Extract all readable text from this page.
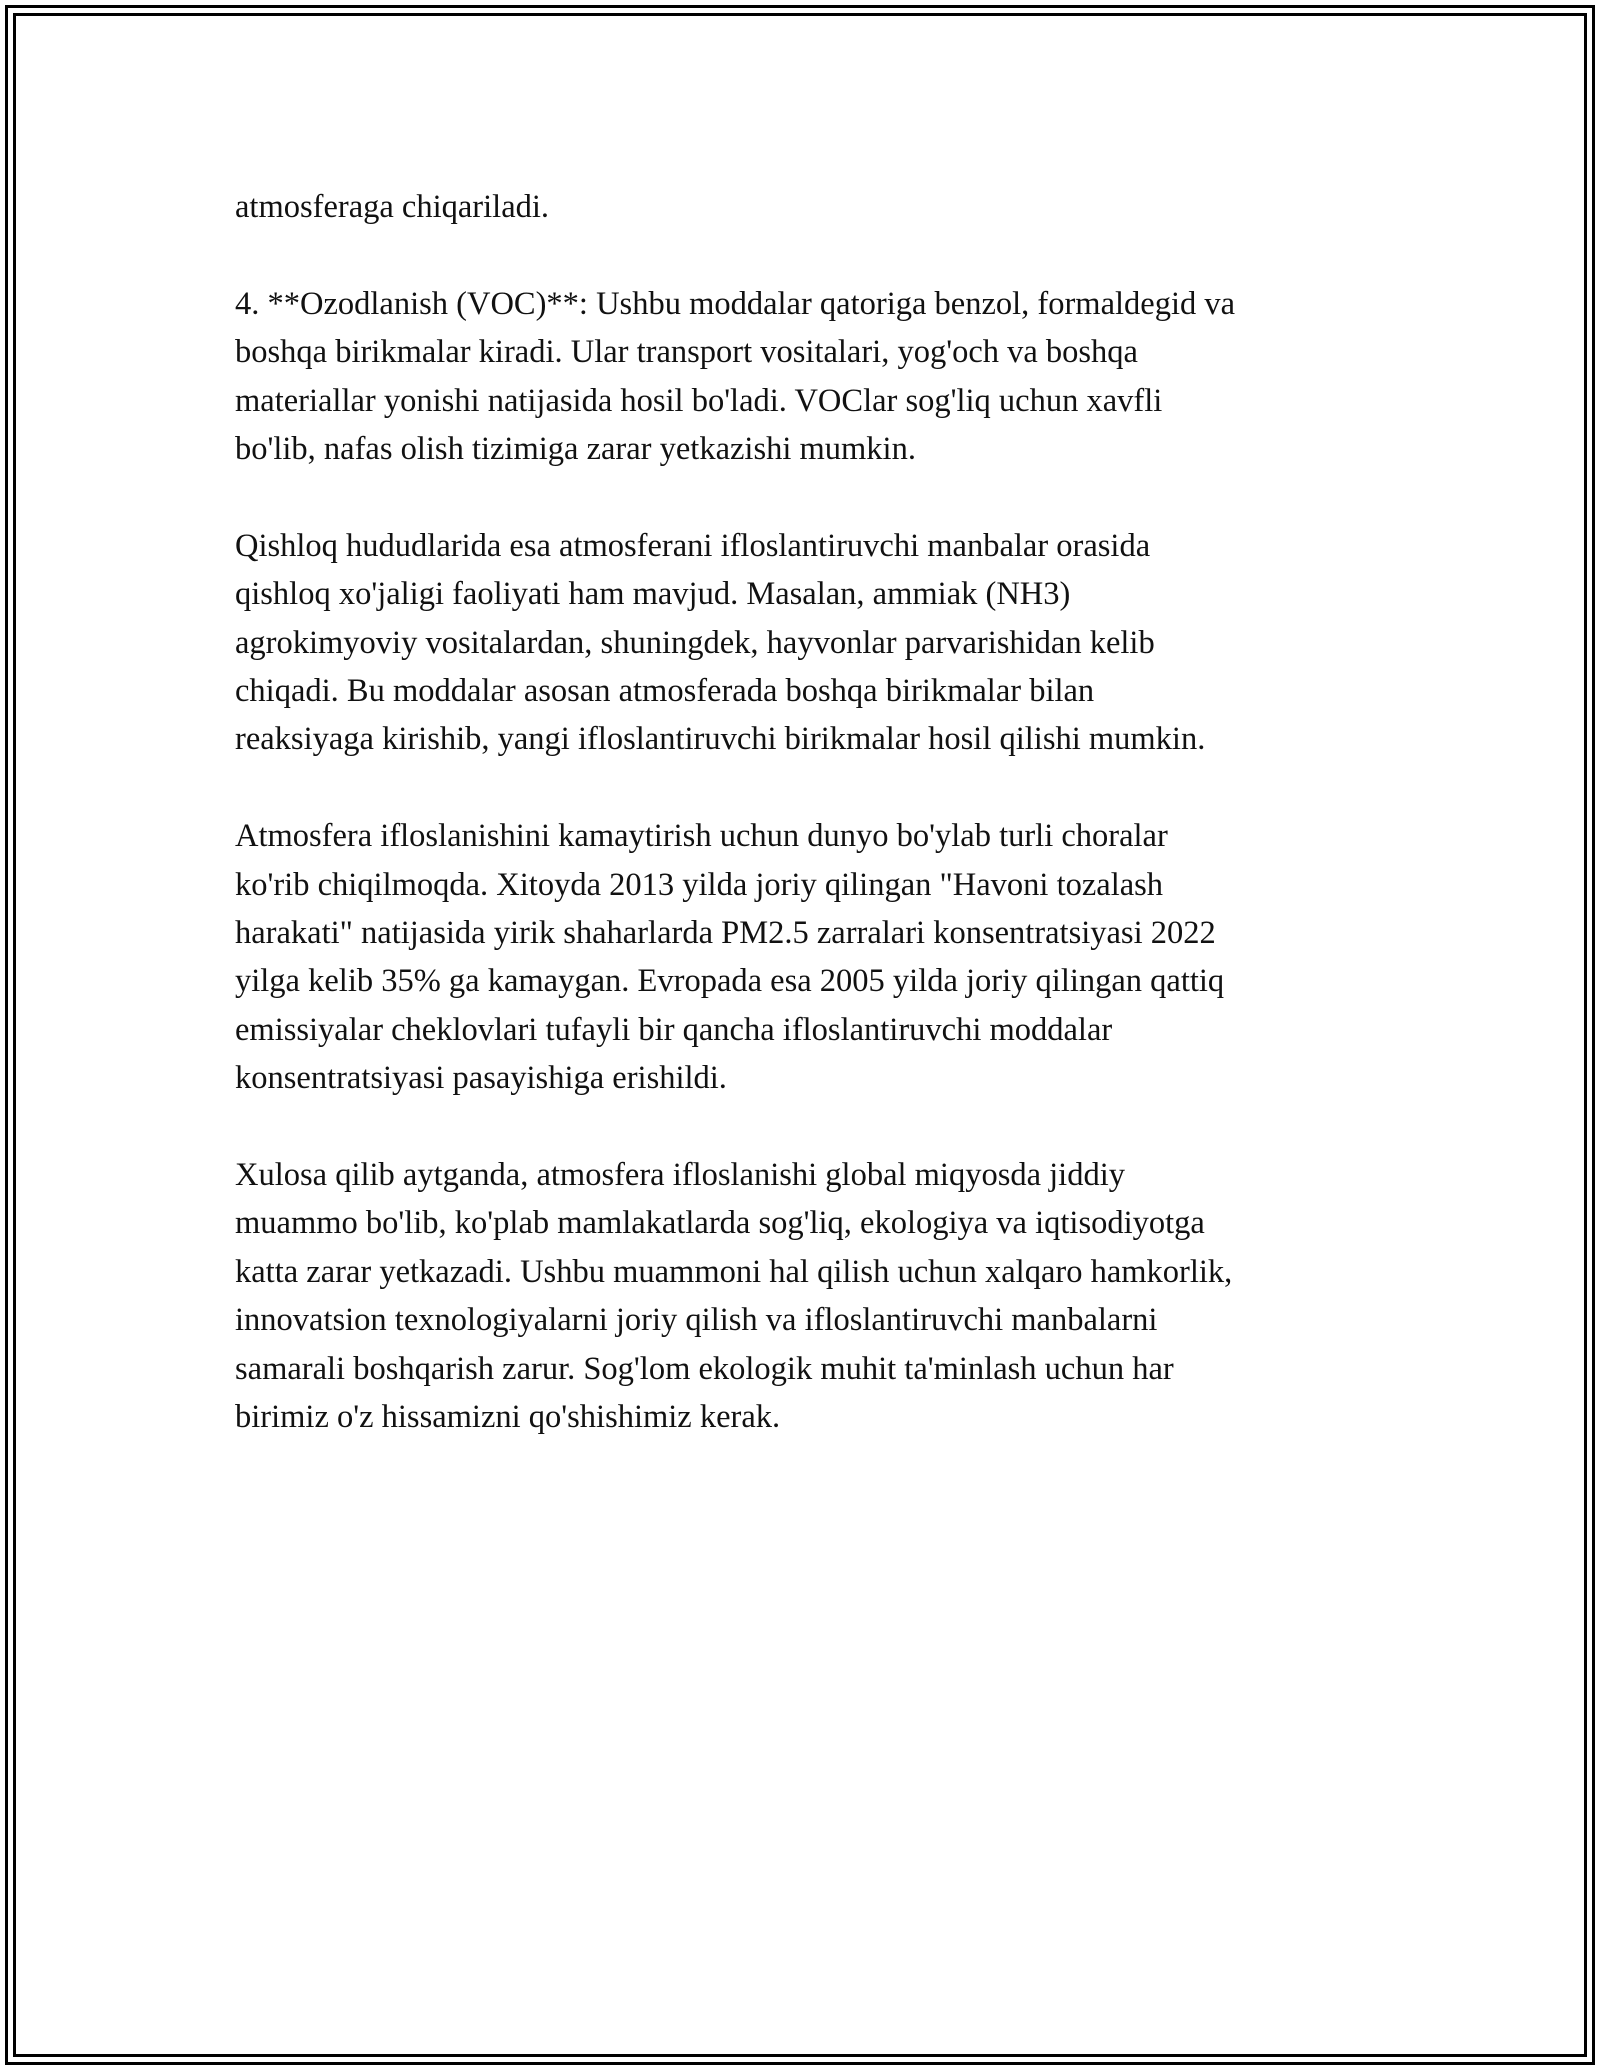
atmosferaga chiqariladi.

4. **Ozodlanish (VOC)**: Ushbu moddalar qatoriga benzol, formaldegid va
boshqa birikmalar kiradi. Ular transport vositalari, yog'och va boshqa
materiallar yonishi natijasida hosil bo'ladi. VOClar sog'liq uchun xavfli
bo'lib, nafas olish tizimiga zarar yetkazishi mumkin.

Qishloq hududlarida esa atmosferani ifloslantiruvchi manbalar orasida
qishloq xo'jaligi faoliyati ham mavjud. Masalan, ammiak (NH3)
agrokimyoviy vositalardan, shuningdek, hayvonlar parvarishidan kelib
chiqadi. Bu moddalar asosan atmosferada boshqa birikmalar bilan
reaksiyaga kirishib, yangi ifloslantiruvchi birikmalar hosil qilishi mumkin.

Atmosfera ifloslanishini kamaytirish uchun dunyo bo'ylab turli choralar
ko'rib chiqilmoqda. Xitoyda 2013 yilda joriy qilingan "Havoni tozalash
harakati" natijasida yirik shaharlarda PM2.5 zarralari konsentratsiyasi 2022
yilga kelib 35% ga kamaygan. Evropada esa 2005 yilda joriy qilingan qattiq
emissiyalar cheklovlari tufayli bir qancha ifloslantiruvchi moddalar
konsentratsiyasi pasayishiga erishildi.

Xulosa qilib aytganda, atmosfera ifloslanishi global miqyosda jiddiy
muammo bo'lib, ko'plab mamlakatlarda sog'liq, ekologiya va iqtisodiyotga
katta zarar yetkazadi. Ushbu muammoni hal qilish uchun xalqaro hamkorlik,
innovatsion texnologiyalarni joriy qilish va ifloslantiruvchi manbalarni
samarali boshqarish zarur. Sog'lom ekologik muhit ta'minlash uchun har
birimiz o'z hissamizni qo'shishimiz kerak.
